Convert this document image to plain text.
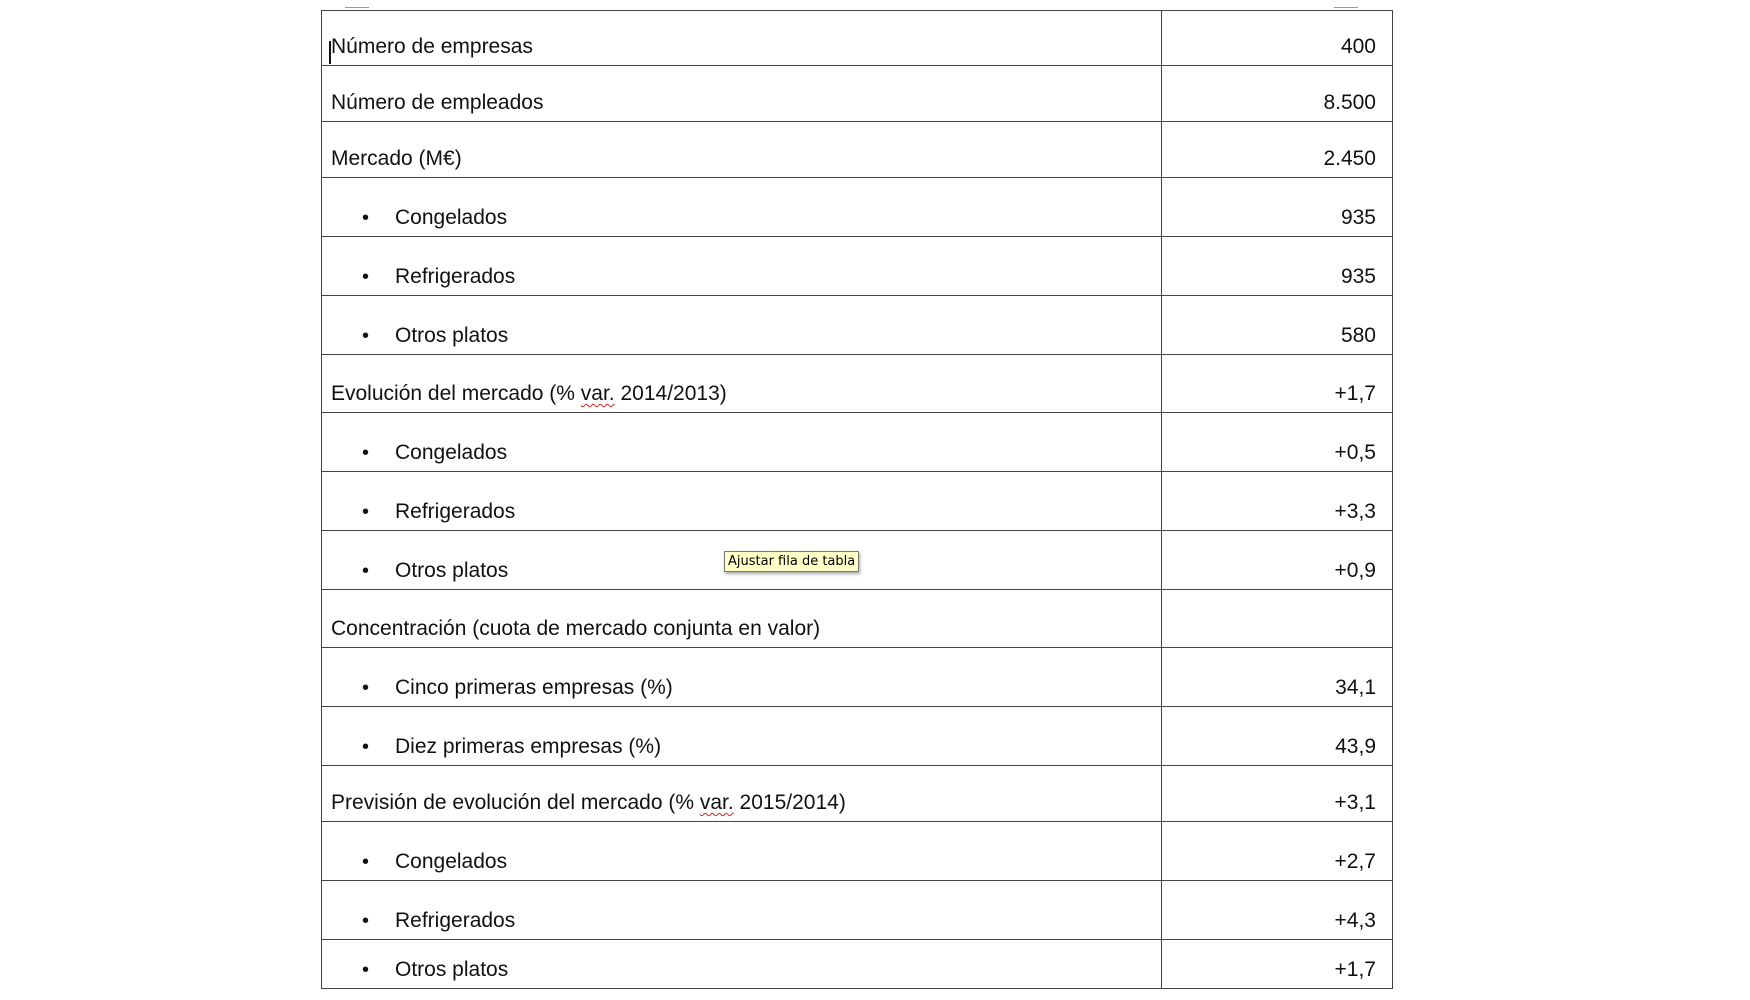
Número de empresas	400
Número de empleados	8.500
Mercado (M€)	2.450
• Congelados	935
• Refrigerados	935
• Otros platos	580
Evolución del mercado (% var. 2014/2013)	+1,7
• Congelados	+0,5
• Refrigerados	+3,3
• Otros platos	+0,9
Concentración (cuota de mercado conjunta en valor)	
• Cinco primeras empresas (%)	34,1
• Diez primeras empresas (%)	43,9
Previsión de evolución del mercado (% var. 2015/2014)	+3,1
• Congelados	+2,7
• Refrigerados	+4,3
• Otros platos	+1,7
Ajustar fila de tabla
